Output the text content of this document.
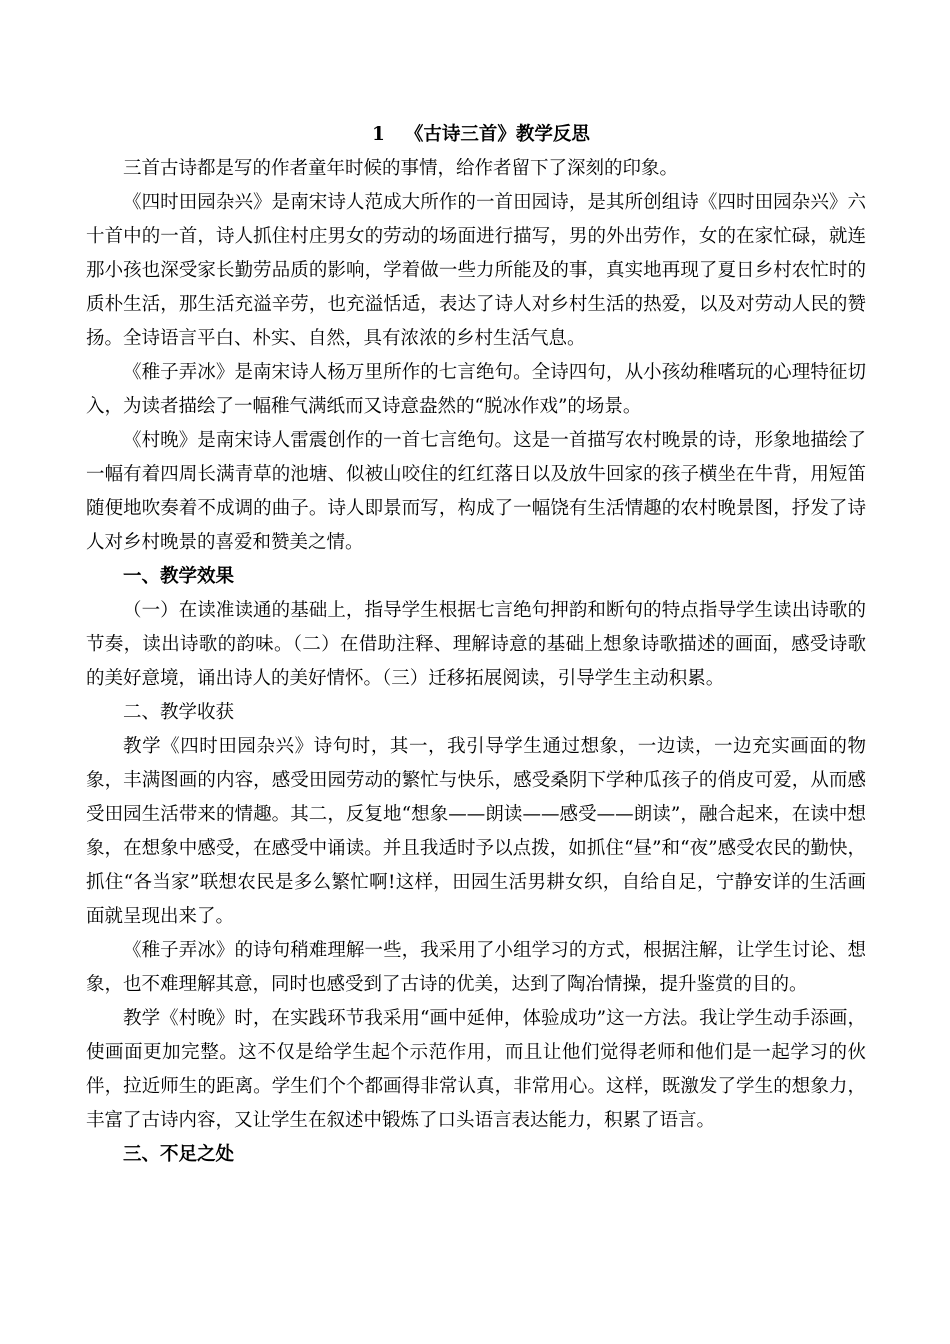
1 《古诗三首》教学反思

三首古诗都是写的作者童年时候的事情，给作者留下了深刻的印象。

《四时田园杂兴》是南宋诗人范成大所作的一首田园诗，是其所创组诗《四时田园杂兴》六十首中的一首，诗人抓住村庄男女的劳动的场面进行描写，男的外出劳作，女的在家忙碌，就连那小孩也深受家长勤劳品质的影响，学着做一些力所能及的事，真实地再现了夏日乡村农忙时的质朴生活，那生活充溢辛劳，也充溢恬适，表达了诗人对乡村生活的热爱，以及对劳动人民的赞扬。全诗语言平白、朴实、自然，具有浓浓的乡村生活气息。

《稚子弄冰》是南宋诗人杨万里所作的七言绝句。全诗四句，从小孩幼稚嗜玩的心理特征切入，为读者描绘了一幅稚气满纸而又诗意盎然的“脱冰作戏”的场景。

《村晚》是南宋诗人雷震创作的一首七言绝句。这是一首描写农村晚景的诗，形象地描绘了一幅有着四周长满青草的池塘、似被山咬住的红红落日以及放牛回家的孩子横坐在牛背，用短笛随便地吹奏着不成调的曲子。诗人即景而写，构成了一幅饶有生活情趣的农村晚景图，抒发了诗人对乡村晚景的喜爱和赞美之情。

一、教学效果

（一）在读准读通的基础上，指导学生根据七言绝句押韵和断句的特点指导学生读出诗歌的节奏，读出诗歌的韵味。（二）在借助注释、理解诗意的基础上想象诗歌描述的画面，感受诗歌的美好意境，诵出诗人的美好情怀。（三）迁移拓展阅读，引导学生主动积累。

二、教学收获

教学《四时田园杂兴》诗句时，其一，我引导学生通过想象，一边读，一边充实画面的物象，丰满图画的内容，感受田园劳动的繁忙与快乐，感受桑阴下学种瓜孩子的俏皮可爱，从而感受田园生活带来的情趣。其二，反复地“想象——朗读——感受——朗读”，融合起来，在读中想象，在想象中感受，在感受中诵读。并且我适时予以点拨，如抓住“昼”和“夜”感受农民的勤快， 抓住“各当家”联想农民是多么繁忙啊!这样，田园生活男耕女织，自给自足，宁静安详的生活画面就呈现出来了。

《稚子弄冰》的诗句稍难理解一些，我采用了小组学习的方式，根据注解，让学生讨论、想象，也不难理解其意，同时也感受到了古诗的优美，达到了陶冶情操，提升鉴赏的目的。

教学《村晚》时，在实践环节我采用“画中延伸，体验成功”这一方法。我让学生动手添画，使画面更加完整。这不仅是给学生起个示范作用，而且让他们觉得老师和他们是一起学习的伙伴，拉近师生的距离。学生们个个都画得非常认真，非常用心。这样，既激发了学生的想象力，丰富了古诗内容，又让学生在叙述中锻炼了口头语言表达能力，积累了语言。

三、不足之处
